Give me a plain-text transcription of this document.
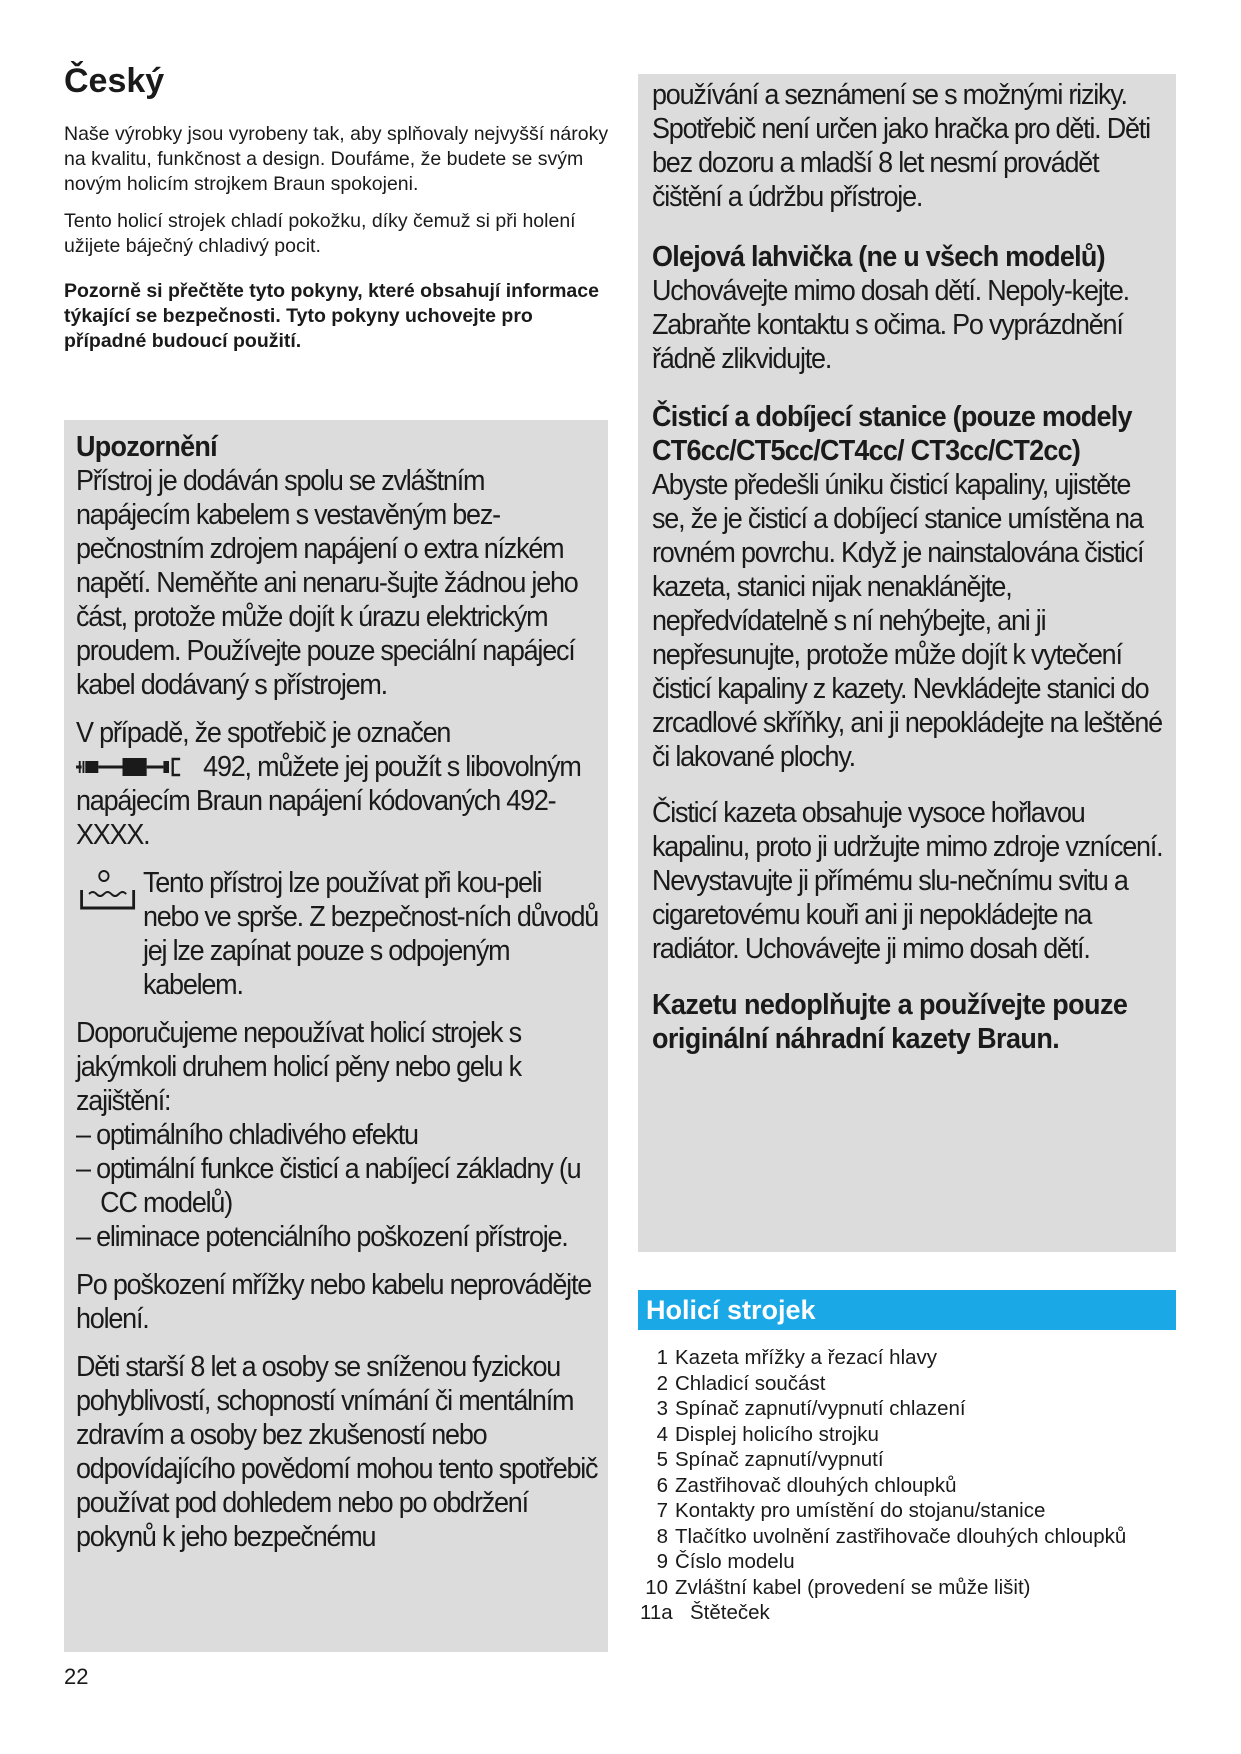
Český

Naše výrobky jsou vyrobeny tak, aby splňovaly nejvyšší nároky na kvalitu, funkčnost a design. Doufáme, že budete se svým novým holicím strojkem Braun spokojeni.

Tento holicí strojek chladí pokožku, díky čemuž si při holení užijete báječný chladivý pocit.

Pozorně si přečtěte tyto pokyny, které obsahují informace týkající se bezpečnosti. Tyto pokyny uchovejte pro případné budoucí použití.

Upozornění

Přístroj je dodáván spolu se zvláštním napájecím kabelem s vestavěným bez-pečnostním zdrojem napájení o extra nízkém napětí. Neměňte ani nenaru-šujte žádnou jeho část, protože může dojít k úrazu elektrickým proudem. Používejte pouze speciální napájecí kabel dodávaný s přístrojem.

V případě, že spotřebič je označen
492, můžete jej použít s libovolným napájecím Braun napájení kódovaných 492-XXXX.

Tento přístroj lze používat při kou-peli nebo ve sprše. Z bezpečnost-ních důvodů jej lze zapínat pouze s odpojeným kabelem.

Doporučujeme nepoužívat holicí strojek s jakýmkoli druhem holicí pěny nebo gelu k zajištění:

– optimálního chladivého efektu
– optimální funkce čisticí a nabíjecí základny (u CC modelů)
– eliminace potenciálního poškození přístroje.

Po poškození mřížky nebo kabelu neprovádějte holení.

Děti starší 8 let a osoby se sníženou fyzickou pohyblivostí, schopností vnímání či mentálním zdravím a osoby bez zkušeností nebo odpovídajícího povědomí mohou tento spotřebič používat pod dohledem nebo po obdržení pokynů k jeho bezpečnému

používání a seznámení se s možnými riziky. Spotřebič není určen jako hračka pro děti. Děti bez dozoru a mladší 8 let nesmí provádět čištění a údržbu přístroje.

Olejová lahvička (ne u všech modelů)

Uchovávejte mimo dosah dětí. Nepoly-kejte. Zabraňte kontaktu s očima. Po vyprázdnění řádně zlikvidujte.

Čisticí a dobíjecí stanice (pouze modely CT6cc/CT5cc/CT4cc/ CT3cc/CT2cc)

Abyste předešli úniku čisticí kapaliny, ujistěte se, že je čisticí a dobíjecí stanice umístěna na rovném povrchu. Když je nainstalována čisticí kazeta, stanici nijak nenaklánějte, nepředvídatelně s ní nehýbejte, ani ji nepřesunujte, protože může dojít k vytečení čisticí kapaliny z kazety. Nevkládejte stanici do zrcadlové skříňky, ani ji nepokládejte na leštěné či lakované plochy.

Čisticí kazeta obsahuje vysoce hořlavou kapalinu, proto ji udržujte mimo zdroje vznícení. Nevystavujte ji přímému slu-nečnímu svitu a cigaretovému kouři ani ji nepokládejte na radiátor. Uchovávejte ji mimo dosah dětí.

Kazetu nedoplňujte a používejte pouze originální náhradní kazety Braun.

Holicí strojek
1 Kazeta mřížky a řezací hlavy
2 Chladicí součást
3 Spínač zapnutí/vypnutí chlazení
4 Displej holicího strojku
5 Spínač zapnutí/vypnutí
6 Zastřihovač dlouhých chloupků
7 Kontakty pro umístění do stojanu/stanice
8 Tlačítko uvolnění zastřihovače dlouhých chloupků
9 Číslo modelu
10 Zvláštní kabel (provedení se může lišit)
11a Štěteček
22
